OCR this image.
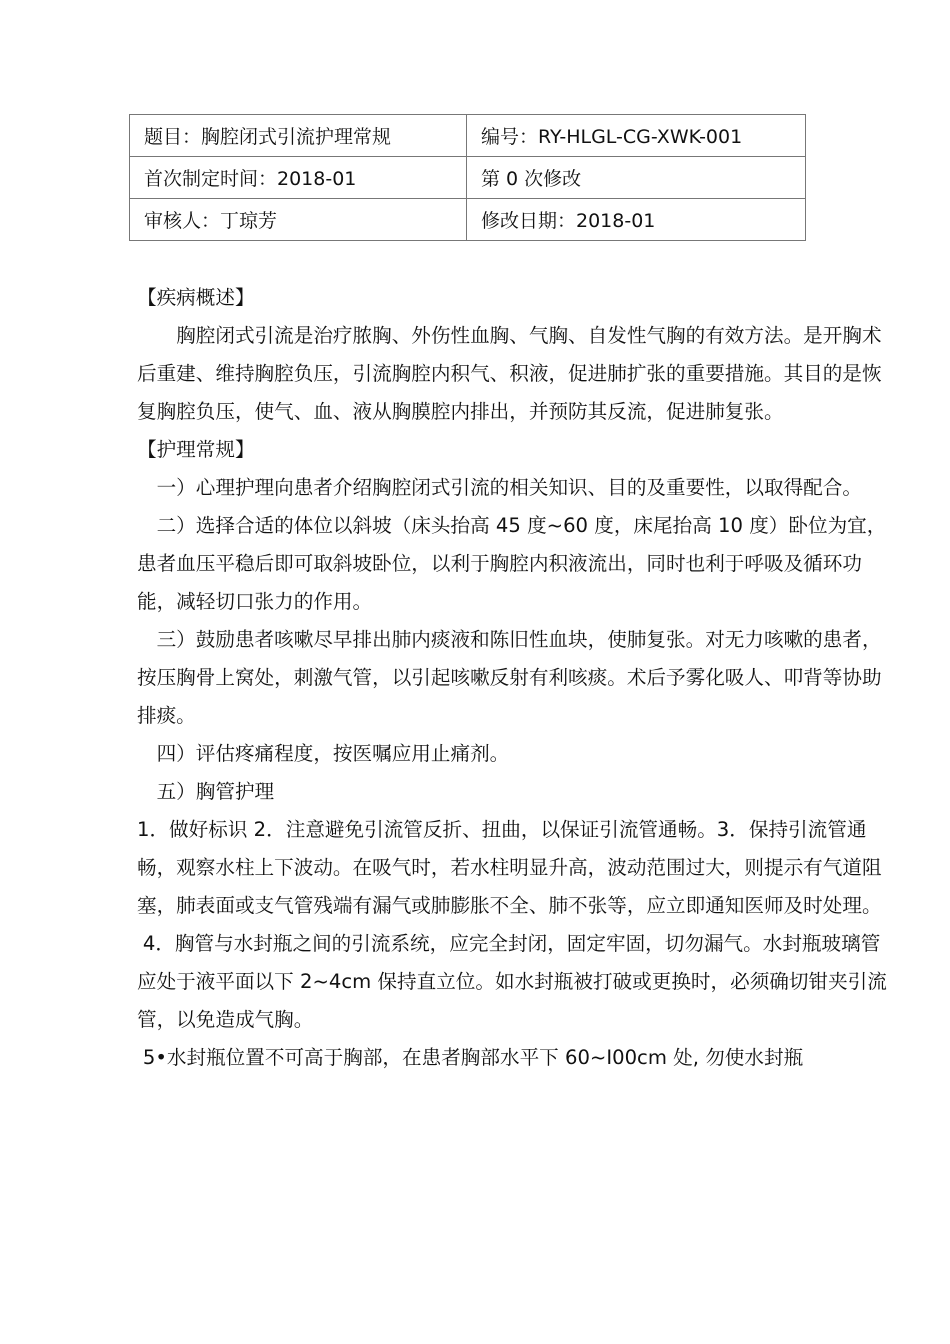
题目：胸腔闭式引流护理常规	编号：RY-HLGL-CG-XWK-001
首次制定时间：2018-01	第 0 次修改
审核人：丁琼芳	修改日期：2018-01

【疾病概述】

胸腔闭式引流是治疗脓胸、外伤性血胸、气胸、自发性气胸的有效方法。是开胸术后重建、维持胸腔负压，引流胸腔内积气、积液，促进肺扩张的重要措施。其目的是恢复胸腔负压，使气、血、液从胸膜腔内排出，并预防其反流，促进肺复张。

【护理常规】

一）心理护理向患者介绍胸腔闭式引流的相关知识、目的及重要性，以取得配合。

二）选择合适的体位以斜坡（床头抬高 45 度~60 度，床尾抬高 10 度）卧位为宜，患者血压平稳后即可取斜坡卧位，以利于胸腔内积液流出，同时也利于呼吸及循环功能，减轻切口张力的作用。

三）鼓励患者咳嗽尽早排出肺内痰液和陈旧性血块，使肺复张。对无力咳嗽的患者，按压胸骨上窝处，刺激气管，以引起咳嗽反射有利咳痰。术后予雾化吸人、叩背等协助排痰。

四）评估疼痛程度，按医嘱应用止痛剂。

五）胸管护理

1．做好标识 2．注意避免引流管反折、扭曲，以保证引流管通畅。3．保持引流管通畅，观察水柱上下波动。在吸气时，若水柱明显升高，波动范围过大，则提示有气道阻塞，肺表面或支气管残端有漏气或肺膨胀不全、肺不张等，应立即通知医师及时处理。

4．胸管与水封瓶之间的引流系统，应完全封闭，固定牢固，切勿漏气。水封瓶玻璃管应处于液平面以下 2~4cm 保持直立位。如水封瓶被打破或更换时，必须确切钳夹引流管，以免造成气胸。

5•水封瓶位置不可高于胸部，在患者胸部水平下 60~I00cm 处, 勿使水封瓶
